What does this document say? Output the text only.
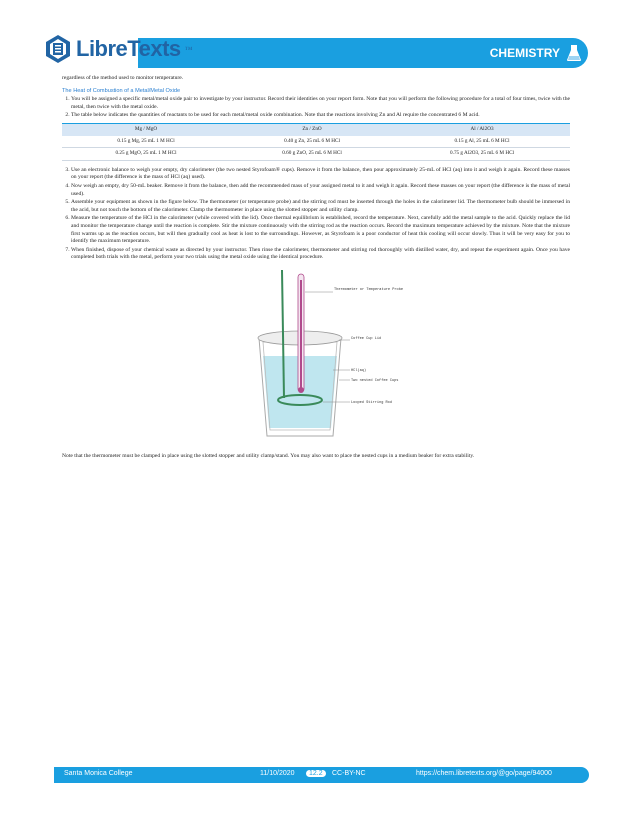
LibreTexts ™	CHEMISTRY

regardless of the method used to monitor temperature.

The Heat of Combustion of a Metal/Metal Oxide
1. You will be assigned a specific metal/metal oxide pair to investigate by your instructor. Record their identities on your report form. Note that you will perform the following procedure for a total of four times, twice with the metal, then twice with the metal oxide.
2. The table below indicates the quantities of reactants to be used for each metal/metal oxide combination. Note that the reactions involving Zn and Al require the concentrated 6 M acid.
Mg / MgO	Zn / ZnO	Al / Al2O3
0.15 g Mg, 25 mL 1 M HCl	0.40 g Zn, 25 mL 6 M HCl	0.15 g Al, 25 mL 6 M HCl
0.25 g MgO, 25 mL 1 M HCl	0.60 g ZnO, 25 mL 6 M HCl	0.75 g Al2O3, 25 mL 6 M HCl
3. Use an electronic balance to weigh your empty, dry calorimeter (the two nested Styrofoam® cups). Remove it from the balance, then pour approximately 25-mL of HCl (aq) into it and weigh it again. Record these masses on your report (the difference is the mass of HCl (aq) used).
4. Now weigh an empty, dry 50-mL beaker. Remove it from the balance, then add the recommended mass of your assigned metal to it and weigh it again. Record these masses on your report (the difference is the mass of metal used).
5. Assemble your equipment as shown in the figure below. The thermometer (or temperature probe) and the stirring rod must be inserted through the holes in the calorimeter lid. The thermometer bulb should be immersed in the acid, but not touch the bottom of the calorimeter. Clamp the thermometer in place using the slotted stopper and utility clamp.
6. Measure the temperature of the HCl in the calorimeter (while covered with the lid). Once thermal equilibrium is established, record the temperature. Next, carefully add the metal sample to the acid. Quickly replace the lid and monitor the temperature change until the reaction is complete. Stir the mixture continuously with the stirring rod as the reaction occurs. Record the maximum temperature achieved by the mixture. Note that the mixture first warms up as the reaction occurs, but will then gradually cool as heat is lost to the surroundings. However, as Styrofoam is a poor conductor of heat this cooling will occur slowly. Thus it will be very easy for you to identify the maximum temperature.
7. When finished, dispose of your chemical waste as directed by your instructor. Then rinse the calorimeter, thermometer and stirring rod thoroughly with distilled water, dry, and repeat the experiment again. Once you have completed both trials with the metal, perform your two trials using the metal oxide using the identical procedure.
Thermometer or Temperature Probe
Coffee Cup Lid
HCl(aq)
Two nested Coffee Cups
Looped Stirring Rod

Note that the thermometer must be clamped in place using the slotted stopper and utility clamp/stand. You may also want to place the nested cups in a medium beaker for extra stability.

Santa Monica College	11/10/2020	12.2	CC-BY-NC	https://chem.libretexts.org/@go/page/94000
